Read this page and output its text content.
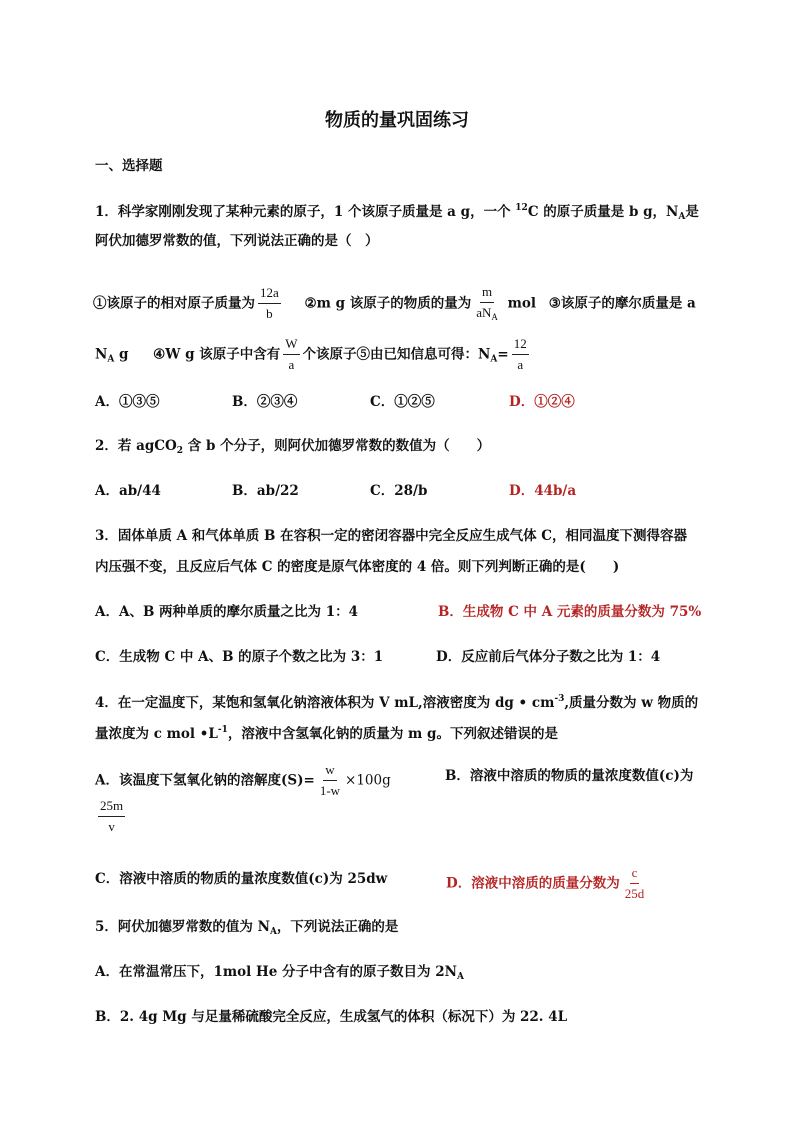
物质的量巩固练习
一、选择题
1．科学家刚刚发现了某种元素的原子，1 个该原子质量是 a g，一个 $^{12}$C 的原子质量是 b g，$N_A$是
阿伏加德罗常数的值，下列说法正确的是（　）
①该原子的相对原子质量为 $\frac{12a}{b}$ ②m g 该原子的物质的量为 $\frac{m}{aN_A}$ mol ③该原子的摩尔质量是 a
$N_A$ g ④W g 该原子中含有 $\frac{W}{a}$ 个该原子⑤由已知信息可得：$N_A= \frac{12}{a}$
A．①③⑤	B．②③④	C．①②⑤	D．①②④
2．若 agCO$_2$ 含 b 个分子，则阿伏加德罗常数的数值为（　　）
A．ab/44	B．ab/22	C．28/b	D．44b/a
3．固体单质 A 和气体单质 B 在容积一定的密闭容器中完全反应生成气体 C，相同温度下测得容器
内压强不变，且反应后气体 C 的密度是原气体密度的 4 倍。则下列判断正确的是(　　)
A．A、B 两种单质的摩尔质量之比为 1：4	B．生成物 C 中 A 元素的质量分数为 75%
C．生成物 C 中 A、B 的原子个数之比为 3：1	D．反应前后气体分子数之比为 1：4
4．在一定温度下，某饱和氢氧化钠溶液体积为 V mL,溶液密度为 dg • $cm^{-3}$,质量分数为 w 物质的
量浓度为 c mol $•L^{-1}$，溶液中含氢氧化钠的质量为 m g。下列叙述错误的是
A．该温度下氢氧化钠的溶解度$(S)= \frac{w}{1-w} \times 100g$	B．溶液中溶质的物质的量浓度数值(c)为
$\frac{25m}{v}$
C．溶液中溶质的物质的量浓度数值(c)为 25dw	D．溶液中溶质的质量分数为 $\frac{c}{25d}$
5．阿伏加德罗常数的值为 $N_A$，下列说法正确的是
A．在常温常压下，1mol He 分子中含有的原子数目为 $2N_A$
B．2. 4g Mg 与足量稀硫酸完全反应，生成氢气的体积（标况下）为 22. 4L
